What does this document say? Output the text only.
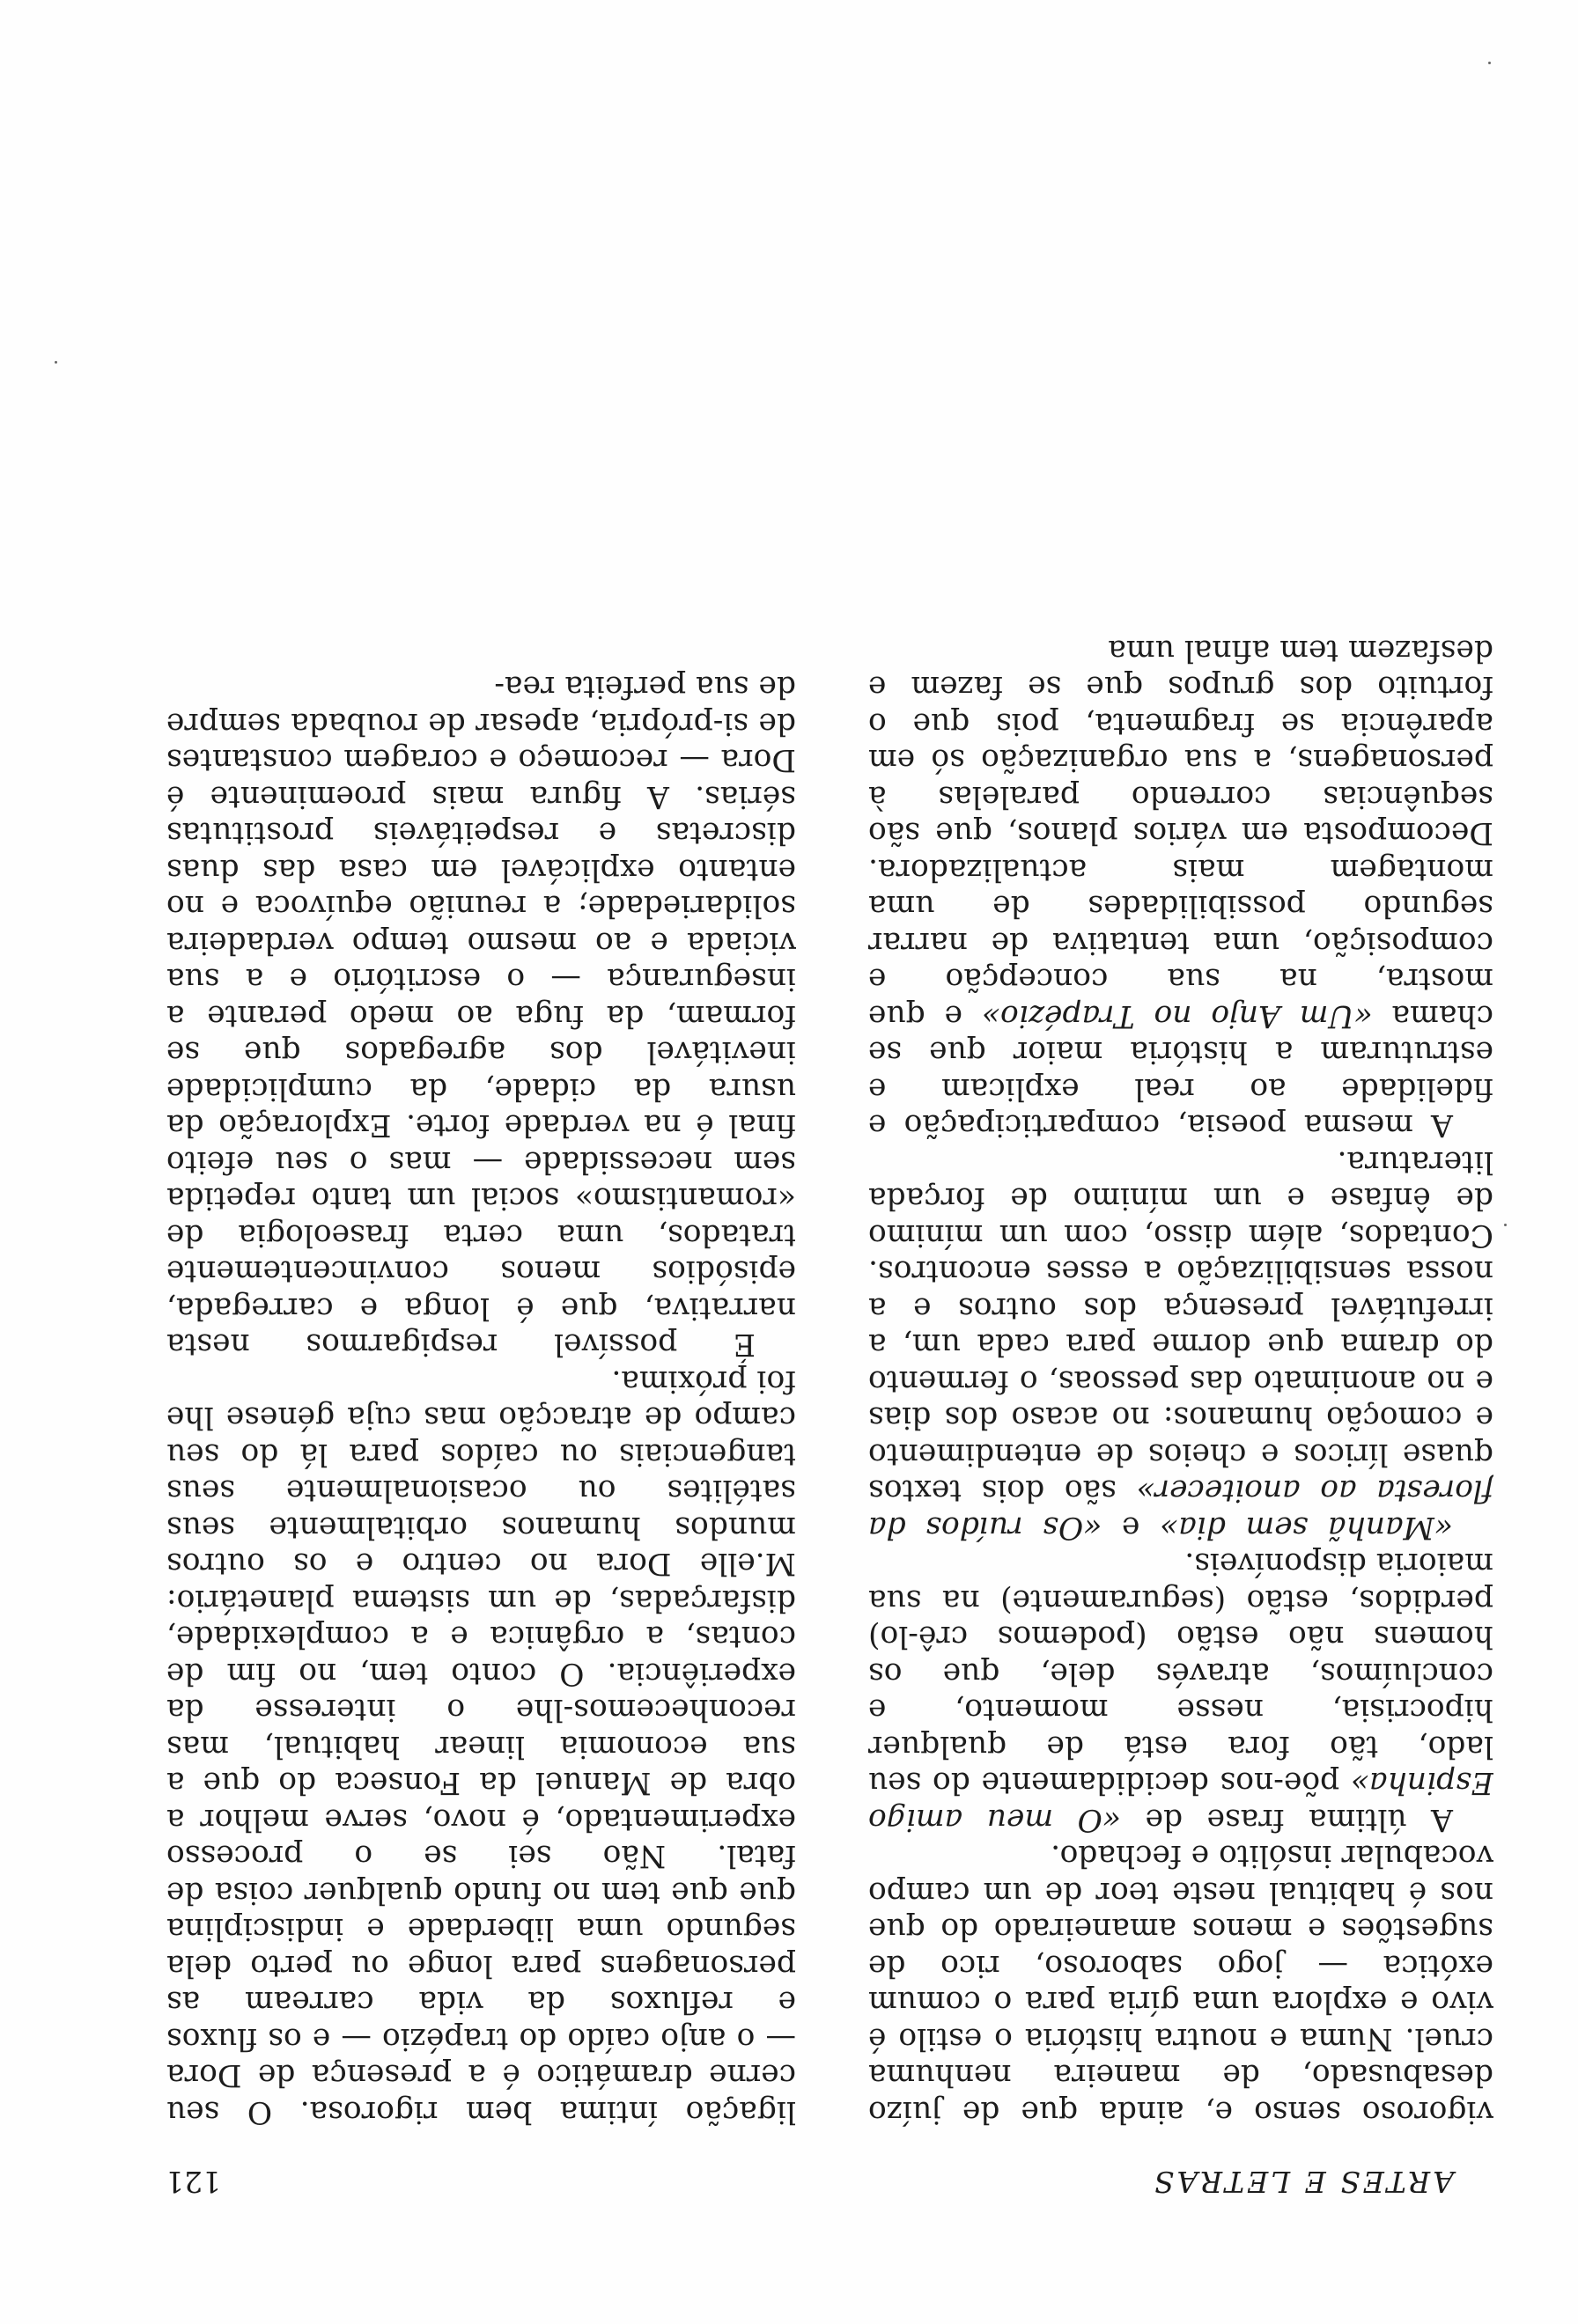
ARTES E LETRAS
121

vigoroso senso e, ainda que de juízo desabusado, de maneira nenhuma cruel. Numa e noutra história o estilo é vivo e explora uma gíria para o comum exótica — jogo saboroso, rico de sugestões e menos amaneirado do que nos é habitual neste teor de um campo vocabular insólito e fechado.

A última frase de «O meu amigo Espinha» põe-nos decididamente do seu lado, tão fora está de qualquer hipocrisia, nesse momento, e concluímos, através dele, que os homens não estão (podemos crê-lo) perdidos, estão (seguramente) na sua maioria disponíveis.

«Manhã sem dia» e «Os ruídos da floresta ao anoitecer» são dois textos quase líricos e cheios de entendimento e comoção humanos: no acaso dos dias e no anonimato das pessoas, o fermento do drama que dorme para cada um, a irrefutável presença dos outros e a nossa sensibilização a esses encontros. Contados, além disso, com um mínimo de ênfase e um mínimo de forçada literatura.

A mesma poesia, comparticipação e fidelidade ao real explicam e estruturam a história maior que se chama «Um Anjo no Trapézio» e que mostra, na sua concepção e composição, uma tentativa de narrar segundo possibilidades de uma montagem mais actualizadora. Decomposta em vários planos, que são sequências correndo paralelas à personagens, a sua organização só em aparência se fragmenta, pois que o fortuito dos grupos que se fazem e desfazem tem afinal uma

ligação íntima bem rigorosa. O seu cerne dramático é a presença de Dora — o anjo caído do trapézio — e os fluxos e refluxos da vida carream as personagens para longe ou perto dela segundo uma liberdade e indisciplina que que tem no fundo qualquer coisa de fatal. Não sei se o processo experimentado, é novo, serve melhor a obra de Manuel da Fonseca do que a sua economia linear habitual, mas reconhecemos-lhe o interesse da experiência. O conto tem, no fim de contas, a orgânica e a complexidade, disfarçadas, de um sistema planetário: M.elle Dora no centro e os outros mundos humanos orbitalmente seus satélites ou ocasionalmente seus tangenciais ou caídos para lá do seu campo de atracção mas cuja génese lhe foi próxima.

É possível respigarmos nesta narrativa, que é longa e carregada, episódios menos convincentemente tratados, uma certa fraseologia de «romantismo» social um tanto repetida sem necessidade — mas o seu efeito final é na verdade forte. Exploração da usura da cidade, da cumplicidade inevitável dos agregados que se formam, da fuga ao medo perante a insegurança — o escritório e a sua viciada e ao mesmo tempo verdadeira solidariedade; a reunião equívoca e no entanto explicável em casa das duas discretas e respeitáveis prostitutas sérias. A figura mais proeminente é Dora — recomeço e coragem constantes de si-própria, apesar de roubada sempre de sua perfeita rea-
